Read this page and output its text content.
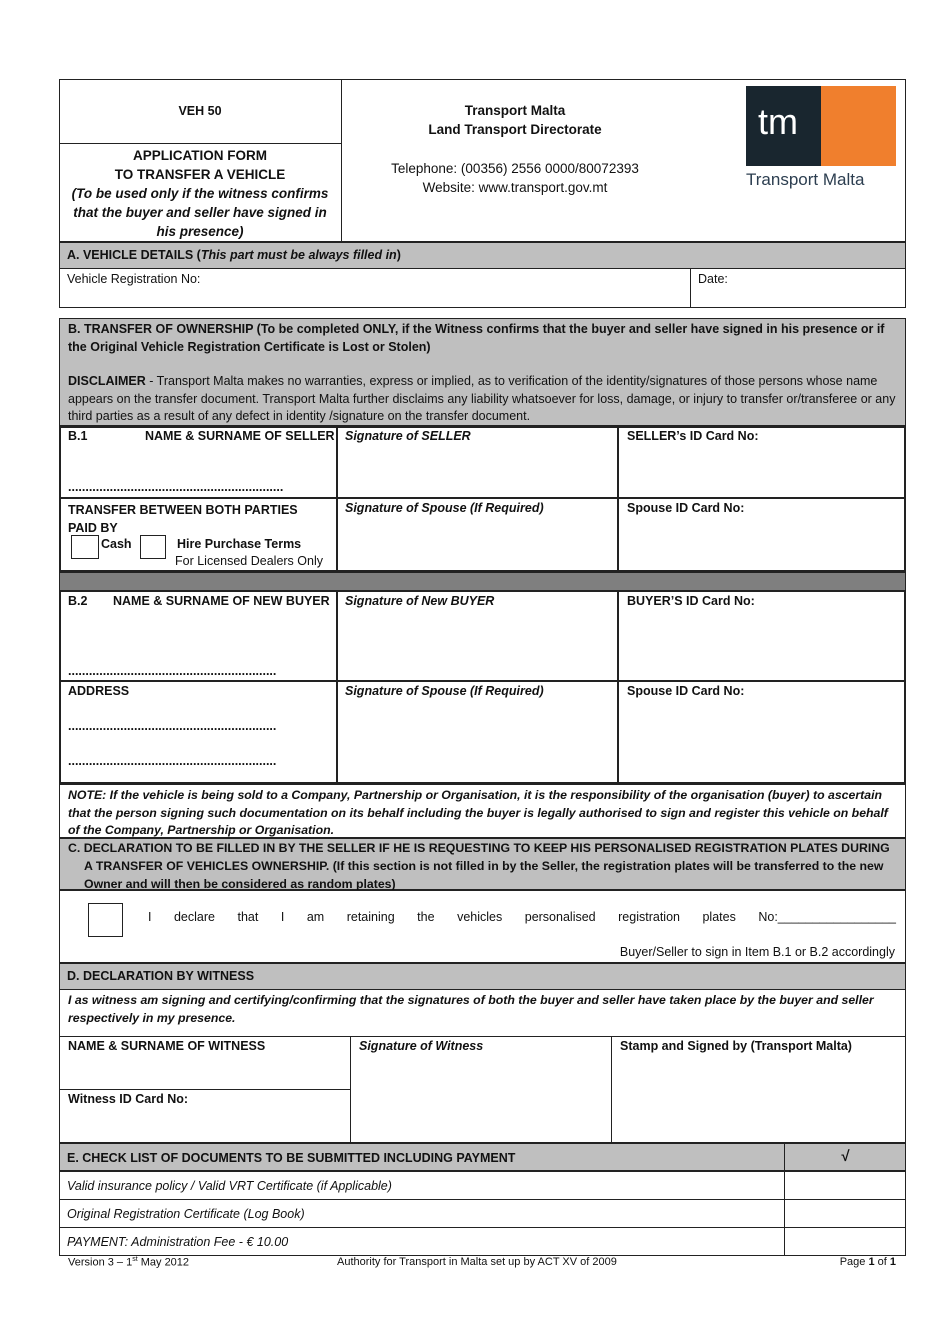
VEH 50
APPLICATION FORM
TO TRANSFER A VEHICLE
(To be used only if the witness confirms that the buyer and seller have signed in his presence)
Transport Malta
Land Transport Directorate
Telephone: (00356) 2556 0000/80072393
Website: www.transport.gov.mt
tm
Transport Malta
A. VEHICLE DETAILS (This part must be always filled in)
Vehicle Registration No:	Date:
B. TRANSFER OF OWNERSHIP (To be completed ONLY, if the Witness confirms that the buyer and seller have signed in his presence or if the Original Vehicle Registration Certificate is Lost or Stolen)
DISCLAIMER - Transport Malta makes no warranties, express or implied, as to verification of the identity/signatures of those persons whose name appears on the transfer document. Transport Malta further disclaims any liability whatsoever for loss, damage, or injury to transfer or/transferee or any third parties as a result of any defect in identity /signature on the transfer document.
B.1	NAME & SURNAME OF SELLER
..............................................................
Signature of SELLER	SELLER’s ID Card No:
TRANSFER BETWEEN BOTH PARTIES PAID BY
Cash	Hire Purchase Terms
For Licensed Dealers Only
Signature of Spouse (If Required)	Spouse ID Card No:
B.2 NAME & SURNAME OF NEW BUYER
............................................................
Signature of New BUYER	BUYER’S ID Card No:
ADDRESS
............................................................
............................................................
Signature of Spouse (If Required)	Spouse ID Card No:
NOTE: If the vehicle is being sold to a Company, Partnership or Organisation, it is the responsibility of the organisation (buyer) to ascertain that the person signing such documentation on its behalf including the buyer is legally authorised to sign and register this vehicle on behalf of the Company, Partnership or Organisation.
C. DECLARATION TO BE FILLED IN BY THE SELLER IF HE IS REQUESTING TO KEEP HIS PERSONALISED REGISTRATION PLATES DURING
A TRANSFER OF VEHICLES OWNERSHIP. (If this section is not filled in by the Seller, the registration plates will be transferred to the new Owner and will then be considered as random plates)
I declare that I am retaining the vehicles personalised registration plates No:_________________
Buyer/Seller to sign in Item B.1 or B.2 accordingly
D. DECLARATION BY WITNESS
I as witness am signing and certifying/confirming that the signatures of both the buyer and seller have taken place by the buyer and seller respectively in my presence.
NAME & SURNAME OF WITNESS	Signature of Witness	Stamp and Signed by (Transport Malta)
Witness ID Card No:
E. CHECK LIST OF DOCUMENTS TO BE SUBMITTED INCLUDING PAYMENT	√
Valid insurance policy / Valid VRT Certificate (if Applicable)
Original Registration Certificate (Log Book)
PAYMENT: Administration Fee - € 10.00
Version 3 – 1st May 2012	Authority for Transport in Malta set up by ACT XV of 2009	Page 1 of 1
